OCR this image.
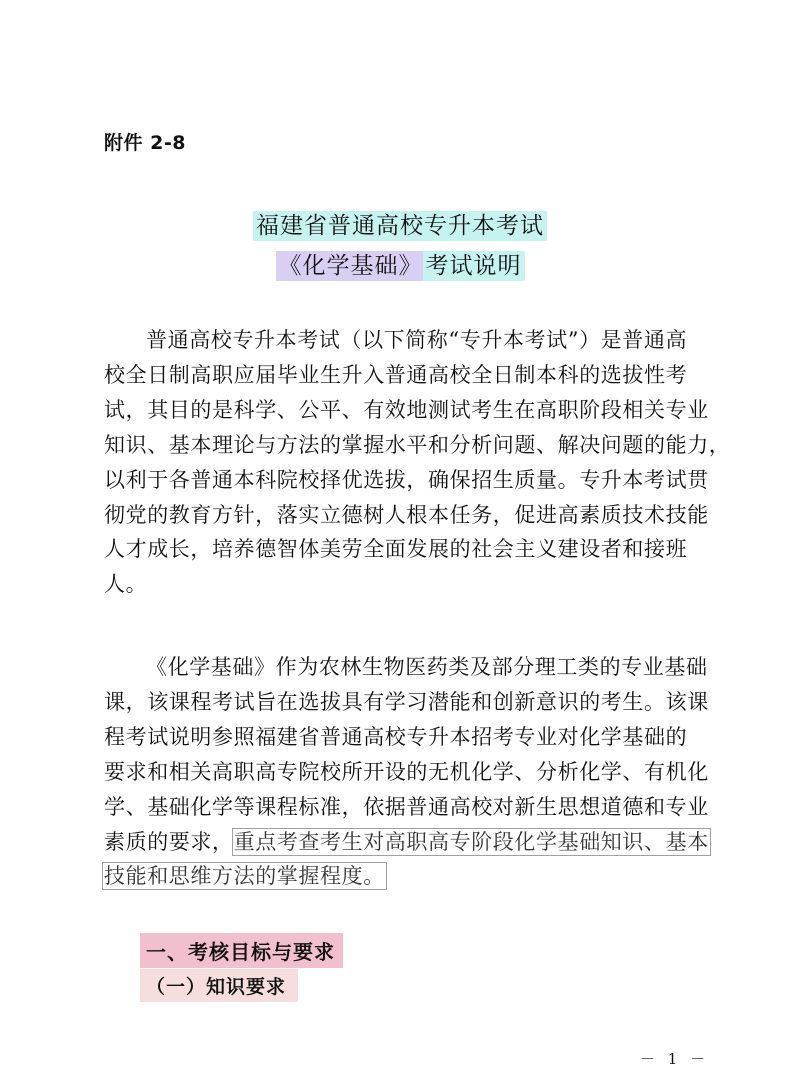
附件 2-8
福建省普通高校专升本考试
《化学基础》 考试说明
普通高校专升本考试（以下简称“专升本考试”）是普通高
校全日制高职应届毕业生升入普通高校全日制本科的选拔性考
试，其目的是科学、公平、有效地测试考生在高职阶段相关专业
知识、基本理论与方法的掌握水平和分析问题、解决问题的能力，
以利于各普通本科院校择优选拔，确保招生质量。专升本考试贯
彻党的教育方针，落实立德树人根本任务，促进高素质技术技能
人才成长，培养德智体美劳全面发展的社会主义建设者和接班
人。
《化学基础》作为农林生物医药类及部分理工类的专业基础
课，该课程考试旨在选拔具有学习潜能和创新意识的考生。该课
程考试说明参照福建省普通高校专升本招考专业对化学基础的
要求和相关高职高专院校所开设的无机化学、分析化学、有机化
学、基础化学等课程标准，依据普通高校对新生思想道德和专业
素质的要求，重点考查考生对高职高专阶段化学基础知识、基本
技能和思维方法的掌握程度。
一、考核目标与要求
（一）知识要求
－ 1 －
